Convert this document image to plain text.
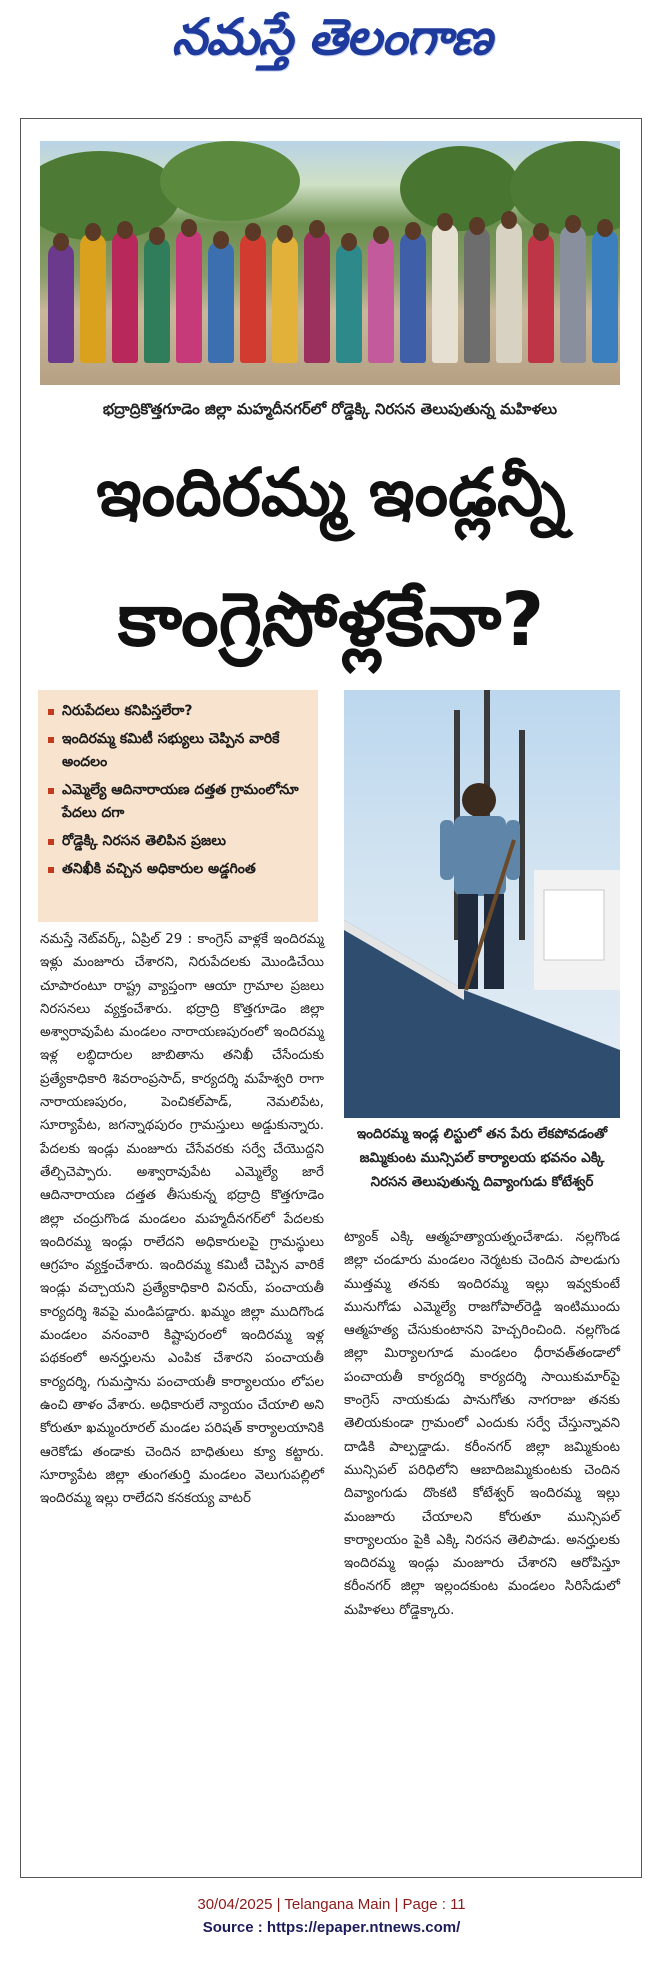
నమస్తే తెలంగాణ
భద్రాద్రికొత్తగూడెం జిల్లా మహ్మదీనగర్‌లో రోడ్డెక్కి నిరసన తెలుపుతున్న మహిళలు
ఇందిరమ్మ ఇండ్లన్నీ
కాంగ్రెసోళ్లకేనా?
నిరుపేదలు కనిపిస్తలేరా?
ఇందిరమ్మ కమిటీ సభ్యులు చెప్పిన వారికే అందలం
ఎమ్మెల్యే ఆదినారాయణ దత్తత గ్రామంలోనూ పేదలు దగా
రోడ్డెక్కి నిరసన తెలిపిన ప్రజలు
తనిఖీకి వచ్చిన అధికారుల అడ్డగింత
ఇందిరమ్మ ఇండ్ల లిస్టులో తన పేరు లేకపోవడంతో జమ్మికుంట మున్సిపల్ కార్యాలయ భవనం ఎక్కి నిరసన తెలుపుతున్న దివ్యాంగుడు కోటేశ్వర్

నమస్తే నెట్‌వర్క్, ఏప్రిల్ 29 : కాంగ్రెస్ వాళ్లకే ఇందిరమ్మ ఇళ్లు మంజూరు చేశారని, నిరుపేదలకు మొండిచేయి చూపారంటూ రాష్ట్ర వ్యాప్తంగా ఆయా గ్రామాల ప్రజలు నిరసనలు వ్యక్తంచేశారు. భద్రాద్రి కొత్తగూడెం జిల్లా అశ్వారావుపేట మండలం నారాయణపురంలో ఇందిరమ్మ ఇళ్ల లబ్ధిదారుల జాబితాను తనిఖీ చేసేందుకు ప్రత్యేకాధికారి శివరాంప్రసాద్, కార్యదర్శి మహేశ్వరి రాగా నారాయణపురం, పెంచికల్‌పాడ్, నెమలిపేట, సూర్యాపేట, జగన్నాథపురం గ్రామస్తులు అడ్డుకున్నారు. పేదలకు ఇండ్లు మంజూరు చేసేవరకు సర్వే చేయొద్దని తేల్చిచెప్పారు. అశ్వారావుపేట ఎమ్మెల్యే జారే ఆదినారాయణ దత్తత తీసుకున్న భద్రాద్రి కొత్తగూడెం జిల్లా చంద్రుగొండ మండలం మహ్మదీనగర్‌లో పేదలకు ఇందిరమ్మ ఇండ్లు రాలేదని అధికారులపై గ్రామస్థులు ఆగ్రహం వ్యక్తంచేశారు. ఇందిరమ్మ కమిటీ చెప్పిన వారికే ఇండ్లు వచ్చాయని ప్రత్యేకాధికారి వినయ్, పంచాయతీ కార్యదర్శి శివపై మండిపడ్డారు. ఖమ్మం జిల్లా ముదిగొండ మండలం వనంవారి కిష్టాపురంలో ఇందిరమ్మ ఇళ్ల పథకంలో అనర్హులను ఎంపిక చేశారని పంచాయతీ కార్యదర్శి, గుమస్తాను పంచాయతీ కార్యాలయం లోపల ఉంచి తాళం వేశారు. అధికారులే న్యాయం చేయాలి అని కోరుతూ ఖమ్మంరూరల్ మండల పరిషత్ కార్యాలయానికి ఆరెకోడు తండాకు చెందిన బాధితులు క్యూ కట్టారు. సూర్యాపేట జిల్లా తుంగతుర్తి మండలం వెలుగుపల్లిలో ఇందిరమ్మ ఇల్లు రాలేదని కనకయ్య వాటర్

ట్యాంక్ ఎక్కి ఆత్మహత్యాయత్నంచేశాడు. నల్లగొండ జిల్లా చండూరు మండలం నెర్మటకు చెందిన పాలడుగు ముత్తమ్మ తనకు ఇందిరమ్మ ఇల్లు ఇవ్వకుంటే మునుగోడు ఎమ్మెల్యే రాజగోపాల్‌రెడ్డి ఇంటిముందు ఆత్మహత్య చేసుకుంటానని హెచ్చరించింది. నల్లగొండ జిల్లా మిర్యాలగూడ మండలం ధీరావత్‌తండాలో పంచాయతీ కార్యదర్శి కార్యదర్శి సాయికుమార్‌పై కాంగ్రెస్ నాయకుడు పానుగోతు నాగరాజు తనకు తెలియకుండా గ్రామంలో ఎందుకు సర్వే చేస్తున్నావని దాడికి పాల్పడ్డాడు. కరీంనగర్ జిల్లా జమ్మికుంట మున్సిపల్ పరిధిలోని ఆబాదిజమ్మికుంటకు చెందిన దివ్యాంగుడు దొంకటి కోటేశ్వర్ ఇందిరమ్మ ఇల్లు మంజూరు చేయాలని కోరుతూ మున్సిపల్ కార్యాలయం పైకి ఎక్కి నిరసన తెలిపాడు. అనర్హులకు ఇందిరమ్మ ఇండ్లు మంజూరు చేశారని ఆరోపిస్తూ కరీంనగర్ జిల్లా ఇల్లందకుంట మండలం సిరిసేడులో మహిళలు రోడ్డెక్కారు.

30/04/2025 | Telangana Main | Page : 11
Source : https://epaper.ntnews.com/
